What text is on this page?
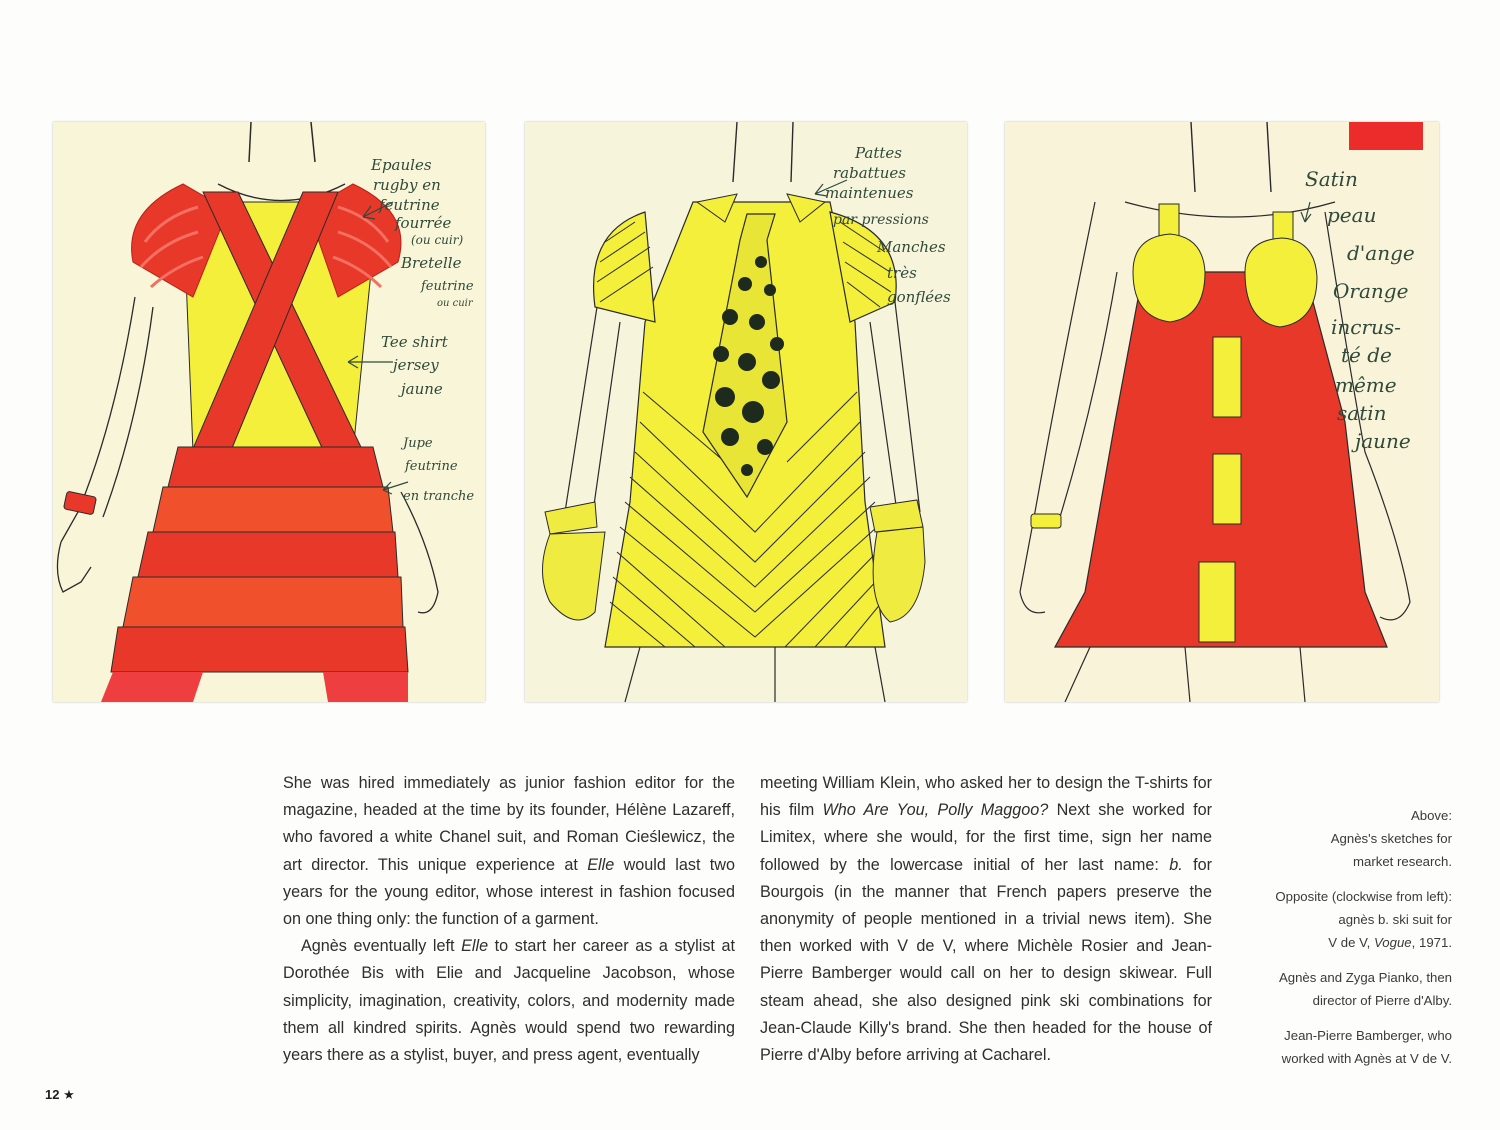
Epaules
rugby en
feutrine
fourrée
(ou cuir)
Bretelle
feutrine
ou cuir
Tee shirt
jersey
jaune
Jupe
feutrine
en tranche
Pattes
rabattues
maintenues
par pressions
Manches
très
gonflées
Satin
peau
d'ange
Orange
incrus-
té de
même
satin
jaune

She was hired immediately as junior fashion editor for the magazine, headed at the time by its founder, Hélène Lazareff, who favored a white Chanel suit, and Roman Cieślewicz, the art director. This unique experience at Elle would last two years for the young editor, whose interest in fashion focused on one thing only: the function of a garment.

Agnès eventually left Elle to start her career as a stylist at Dorothée Bis with Elie and Jacqueline Jacobson, whose simplicity, imagination, creativity, colors, and modernity made them all kindred spirits. Agnès would spend two rewarding years there as a stylist, buyer, and press agent, eventually

meeting William Klein, who asked her to design the T-shirts for his film Who Are You, Polly Maggoo? Next she worked for Limitex, where she would, for the first time, sign her name followed by the lowercase initial of her last name: b. for Bourgois (in the manner that French papers preserve the anonymity of people mentioned in a trivial news item). She then worked with V de V, where Michèle Rosier and Jean-Pierre Bamberger would call on her to design skiwear. Full steam ahead, she also designed pink ski combinations for Jean-Claude Killy's brand. She then headed for the house of Pierre d'Alby before arriving at Cacharel.

Above:
Agnès's sketches for
market research.
Opposite (clockwise from left):
agnès b. ski suit for
V de V, Vogue, 1971.
Agnès and Zyga Pianko, then
director of Pierre d'Alby.
Jean-Pierre Bamberger, who
worked with Agnès at V de V.
12 ★
